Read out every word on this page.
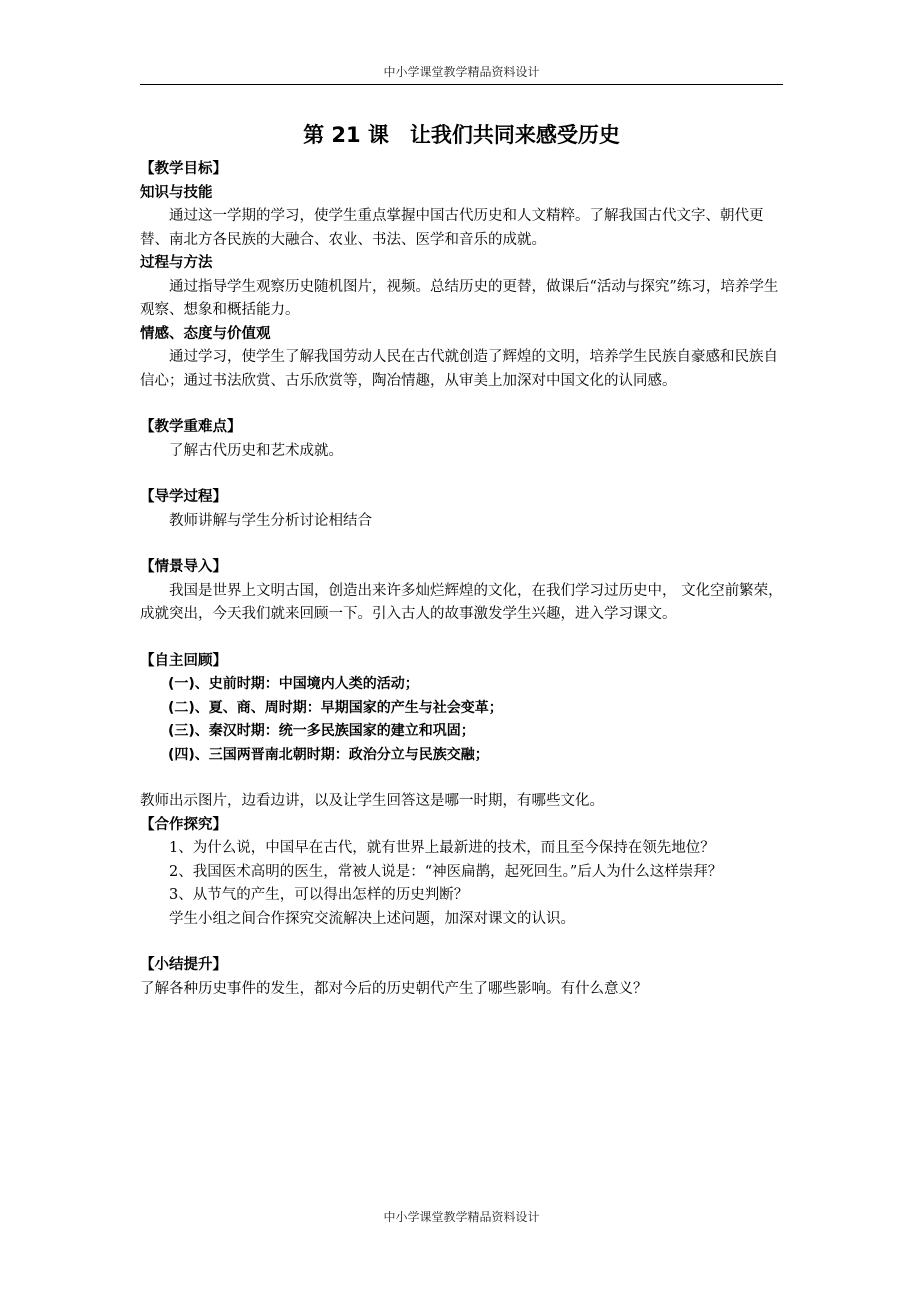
中小学课堂教学精品资料设计
第 21 课　让我们共同来感受历史
【教学目标】
知识与技能

通过这一学期的学习，使学生重点掌握中国古代历史和人文精粹。了解我国古代文字、朝代更替、南北方各民族的大融合、农业、书法、医学和音乐的成就。

过程与方法

通过指导学生观察历史随机图片，视频。总结历史的更替，做课后“活动与探究”练习，培养学生观察、想象和概括能力。

情感、态度与价值观

通过学习，使学生了解我国劳动人民在古代就创造了辉煌的文明，培养学生民族自豪感和民族自信心；通过书法欣赏、古乐欣赏等，陶冶情趣，从审美上加深对中国文化的认同感。

【教学重难点】

了解古代历史和艺术成就。

【导学过程】

教师讲解与学生分析讨论相结合

【情景导入】

我国是世界上文明古国，创造出来许多灿烂辉煌的文化，在我们学习过历史中， 文化空前繁荣，成就突出，今天我们就来回顾一下。引入古人的故事激发学生兴趣，进入学习课文。

【自主回顾】
(一)、史前时期：中国境内人类的活动；
(二)、夏、商、周时期：早期国家的产生与社会变革；
(三)、秦汉时期：统一多民族国家的建立和巩固；
(四)、三国两晋南北朝时期：政治分立与民族交融；

教师出示图片，边看边讲，以及让学生回答这是哪一时期，有哪些文化。

【合作探究】

1、为什么说，中国早在古代，就有世界上最新进的技术，而且至今保持在领先地位？

2、我国医术高明的医生，常被人说是：“神医扁鹊，起死回生。”后人为什么这样崇拜？

3、从节气的产生，可以得出怎样的历史判断？

学生小组之间合作探究交流解决上述问题，加深对课文的认识。

【小结提升】

了解各种历史事件的发生，都对今后的历史朝代产生了哪些影响。有什么意义？

中小学课堂教学精品资料设计
